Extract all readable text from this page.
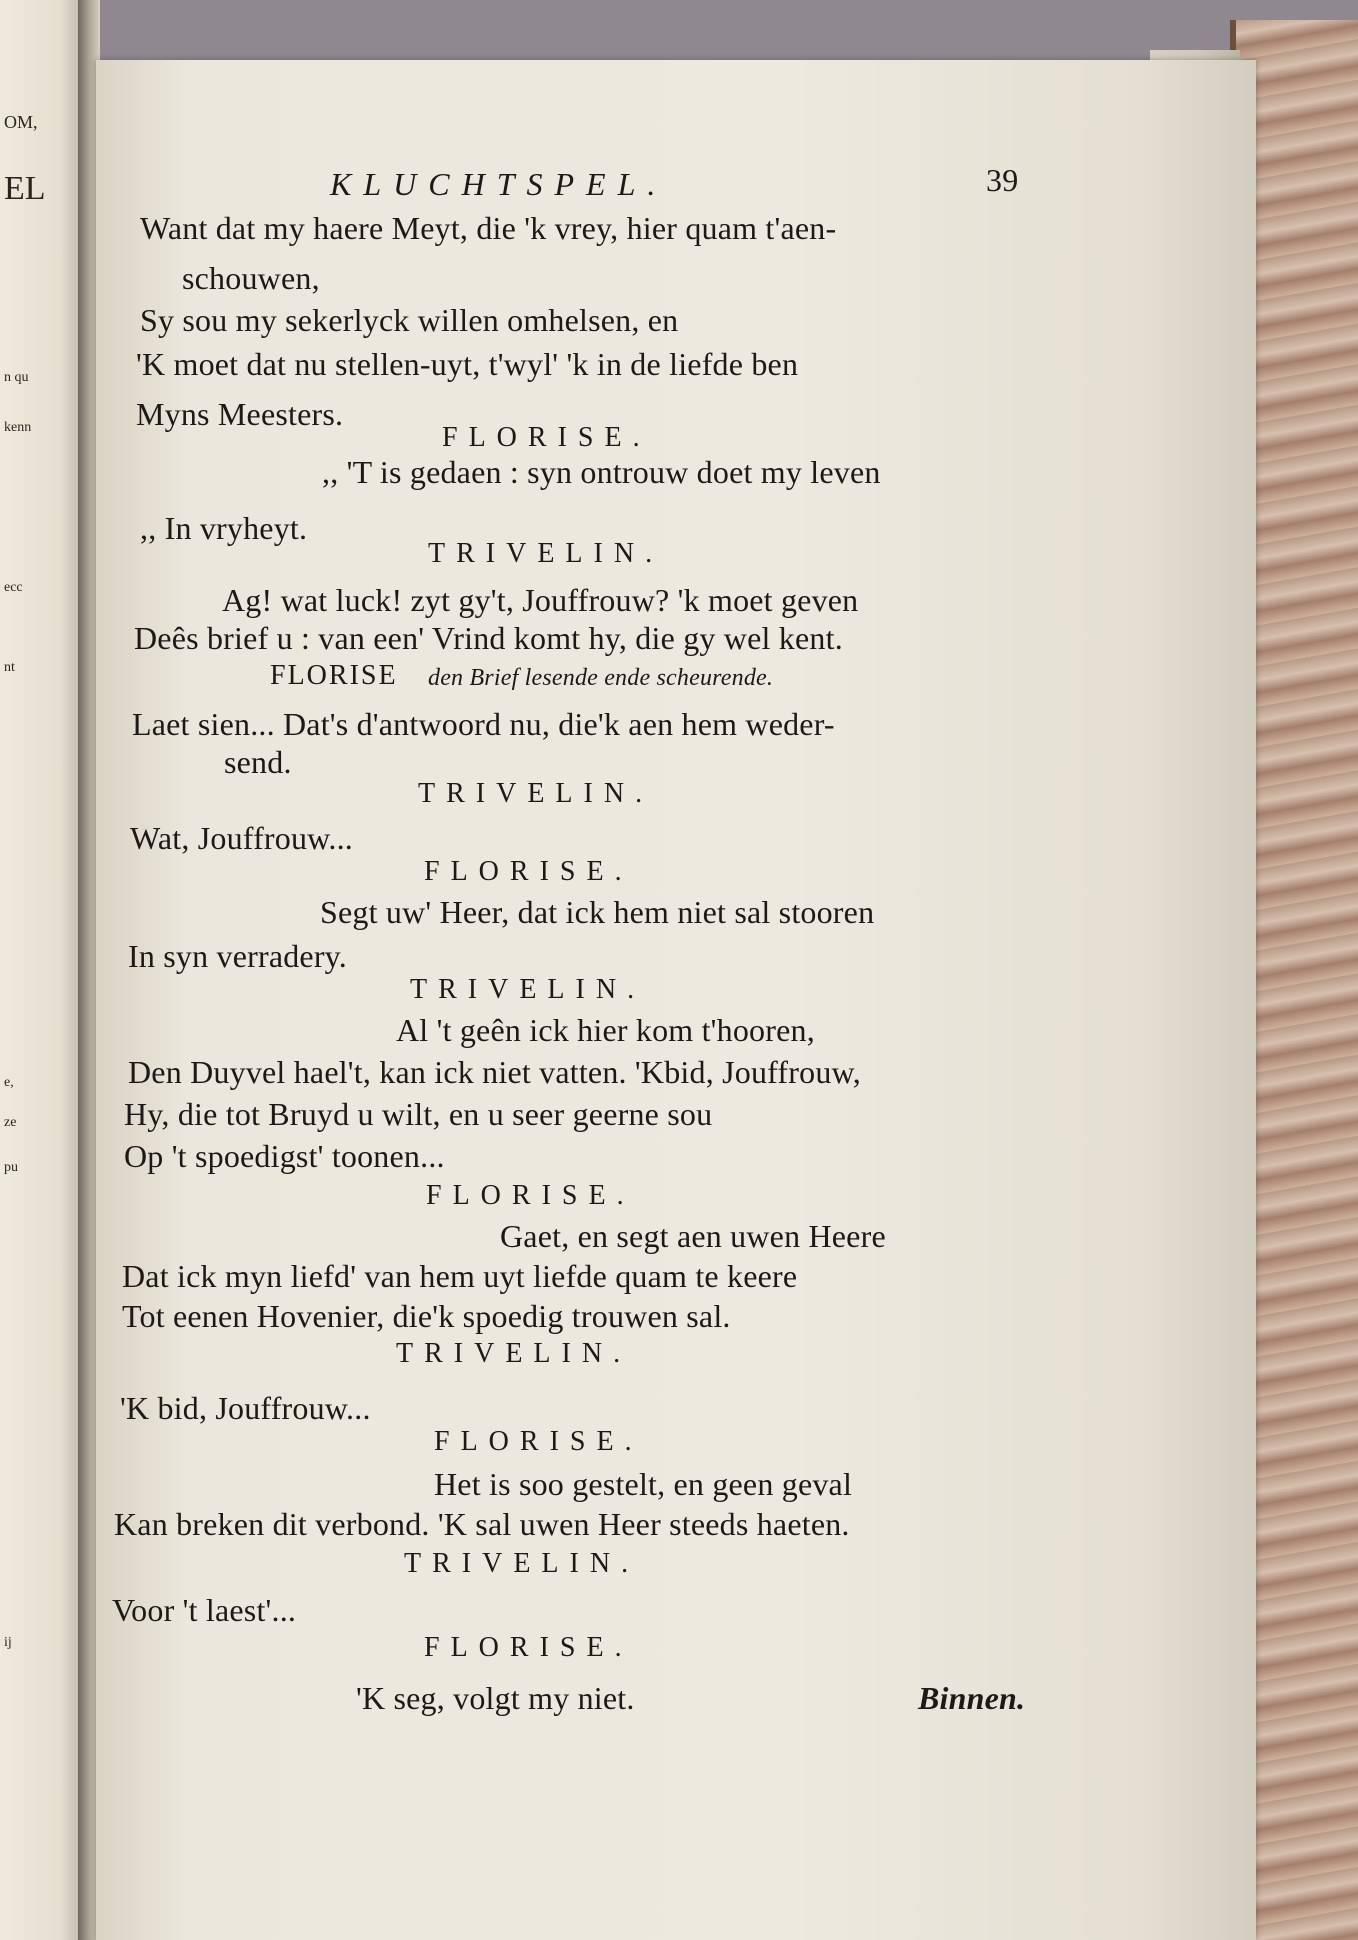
OM,
EL
n qu
kenn
ecc
nt
e,
ze
pu
ij
KLUCHTSPEL.	39
Want dat my haere Meyt, die 'k vrey, hier quam t'aen-
schouwen,
Sy sou my sekerlyck willen omhelsen, en
'K moet dat nu stellen-uyt, t'wyl' 'k in de liefde ben
Myns Meesters.
FLORISE.
,, 'T is gedaen : syn ontrouw doet my leven
,, In vryheyt.
TRIVELIN.
Ag! wat luck! zyt gy't, Jouffrouw? 'k moet geven
Deês brief u : van een' Vrind komt hy, die gy wel kent.
FLORISE den Brief lesende ende scheurende.
Laet sien... Dat's d'antwoord nu, die'k aen hem weder-
send.
TRIVELIN.
Wat, Jouffrouw...
FLORISE.
Segt uw' Heer, dat ick hem niet sal stooren
In syn verradery.
TRIVELIN.
Al 't geên ick hier kom t'hooren,
Den Duyvel hael't, kan ick niet vatten. 'Kbid, Jouffrouw,
Hy, die tot Bruyd u wilt, en u seer geerne sou
Op 't spoedigst' toonen...
FLORISE.
Gaet, en segt aen uwen Heere
Dat ick myn liefd' van hem uyt liefde quam te keere
Tot eenen Hovenier, die'k spoedig trouwen sal.
TRIVELIN.
'K bid, Jouffrouw...
FLORISE.
Het is soo gestelt, en geen geval
Kan breken dit verbond. 'K sal uwen Heer steeds haeten.
TRIVELIN.
Voor 't laest'...
FLORISE.
'K seg, volgt my niet.	Binnen.
